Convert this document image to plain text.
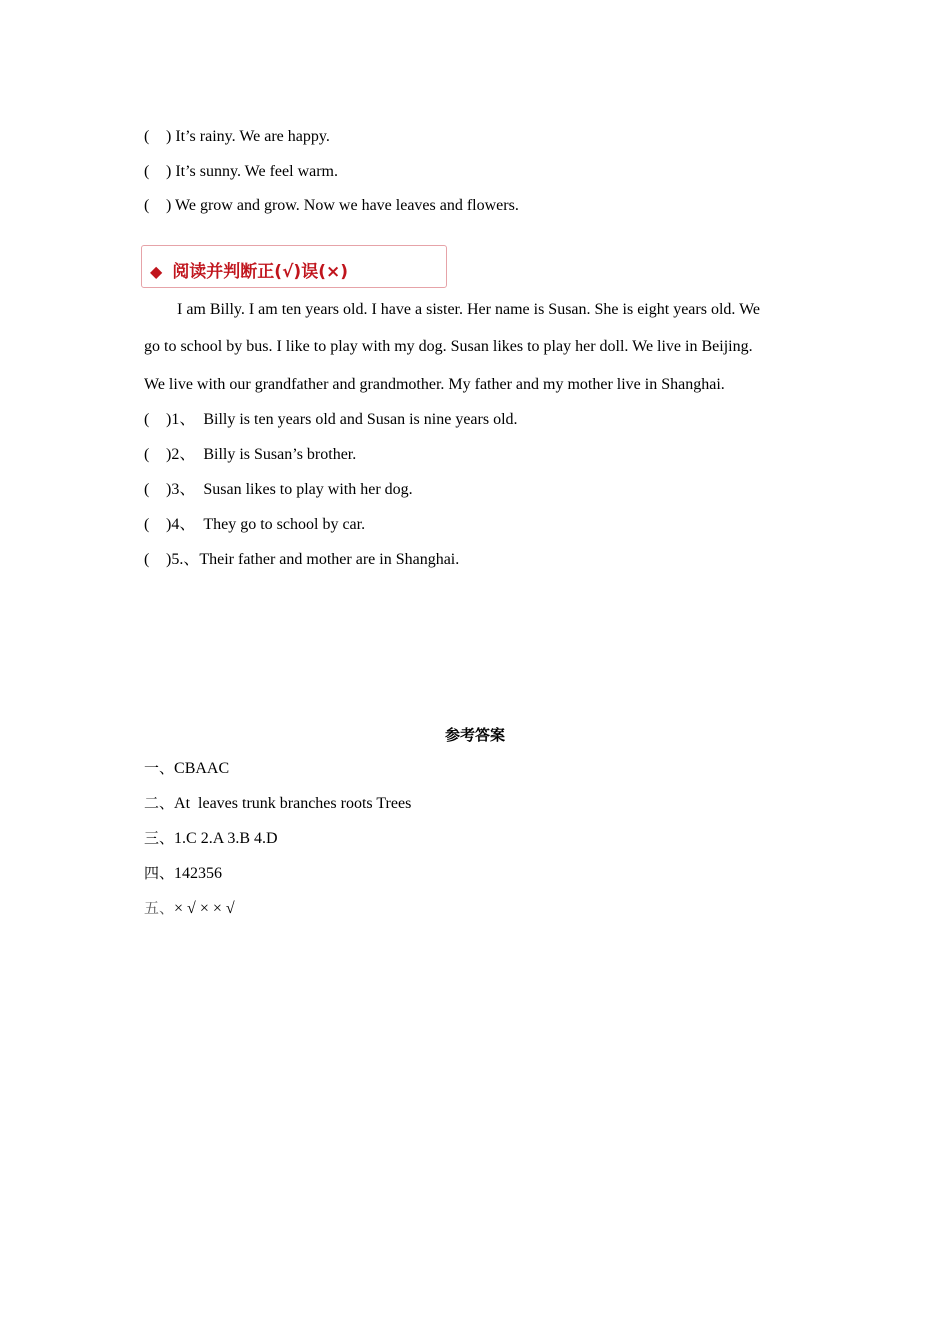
( ) It’s rainy. We are happy.
( ) It’s sunny. We feel warm.
( ) We grow and grow. Now we have leaves and flowers.
◆ 阅读并判断正(√)误(×)
I am Billy. I am ten years old. I have a sister. Her name is Susan. She is eight years old. We
go to school by bus. I like to play with my dog. Susan likes to play her doll. We live in Beijing.
We live with our grandfather and grandmother. My father and my mother live in Shanghai.
( )1、 Billy is ten years old and Susan is nine years old.
( )2、 Billy is Susan’s brother.
( )3、 Susan likes to play with her dog.
( )4、 They go to school by car.
( )5.、Their father and mother are in Shanghai.
参考答案
一、CBAAC
二、At  leaves trunk branches roots Trees
三、1.C 2.A 3.B 4.D
四、142356
五、× √ × × √
